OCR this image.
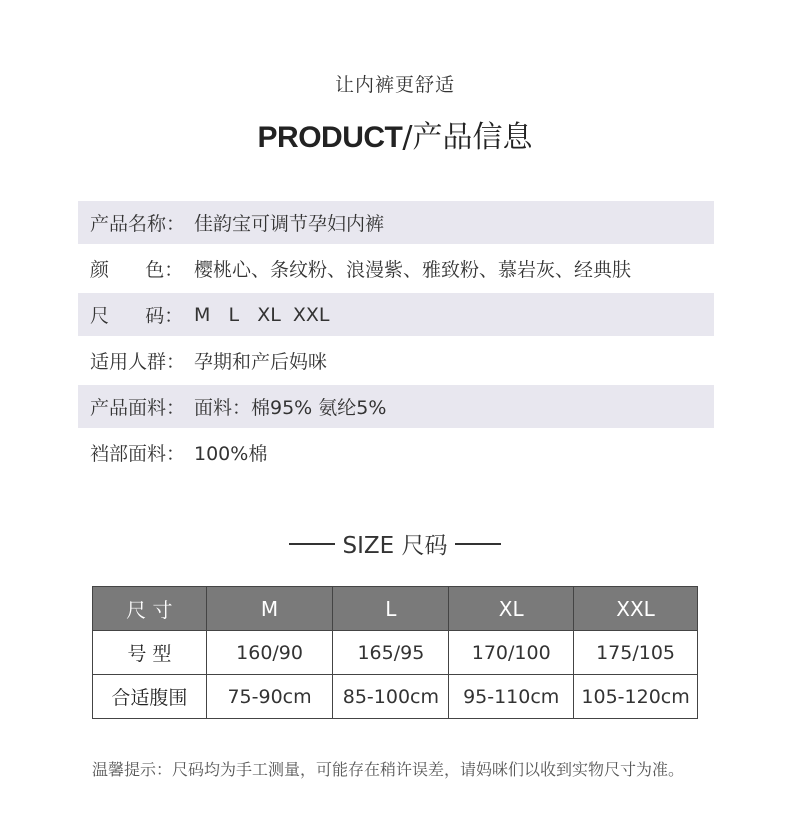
让内裤更舒适
PRODUCT/产品信息
产品名称： 佳韵宝可调节孕妇内裤
颜      色： 樱桃心、条纹粉、浪漫紫、雅致粉、慕岩灰、经典肤
尺      码： M   L   XL  XXL
适用人群： 孕期和产后妈咪
产品面料： 面料：棉95% 氨纶5%
裆部面料： 100%棉
SIZE 尺码
尺 寸	M	L	XL	XXL
号 型	160/90	165/95	170/100	175/105
合适腹围	75-90cm	85-100cm	95-110cm	105-120cm
温馨提示：尺码均为手工测量，可能存在稍许误差，请妈咪们以收到实物尺寸为准。
